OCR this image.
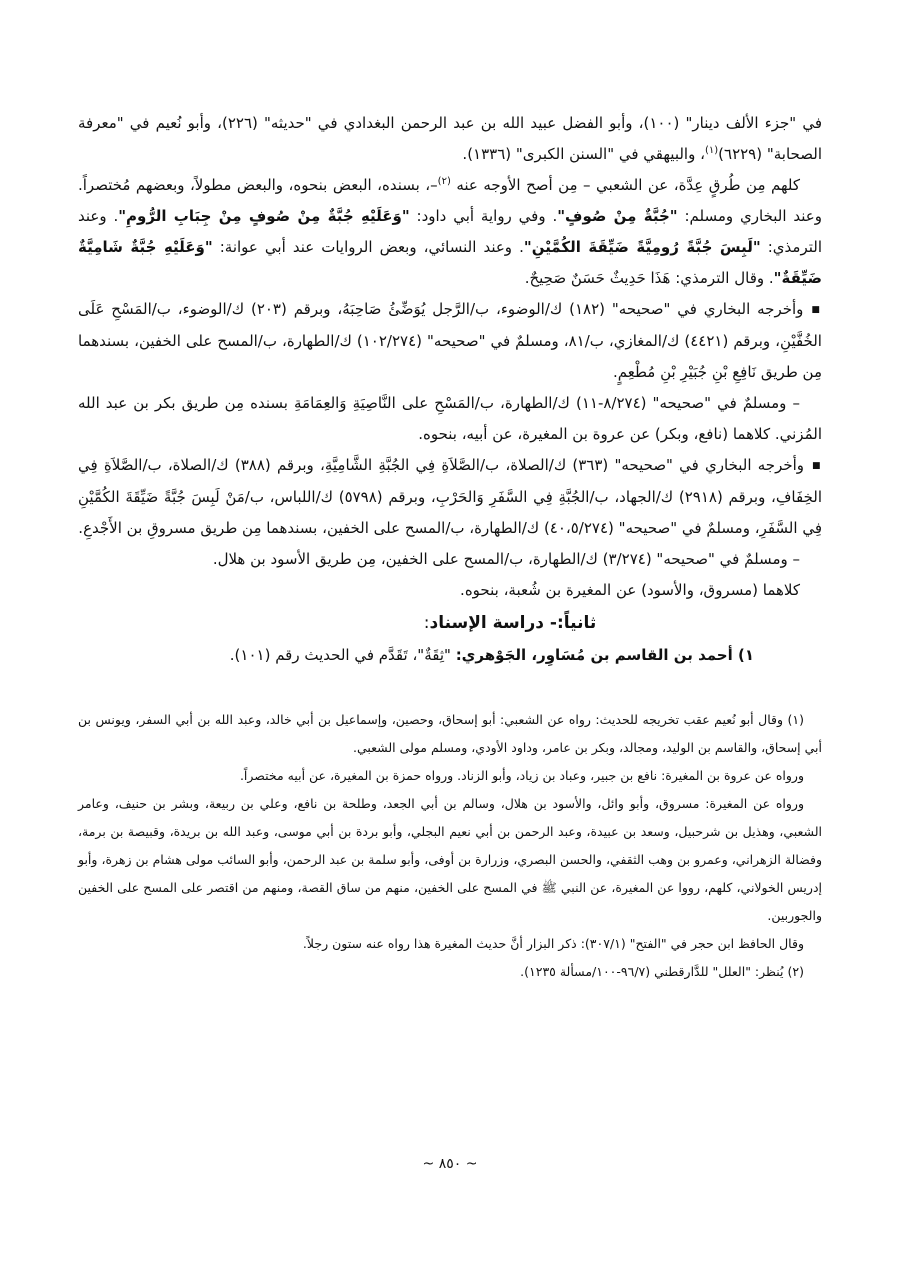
في "جزء الألف دينار" (١٠٠)، وأبو الفضل عبيد الله بن عبد الرحمن البغدادي في "حديثه" (٢٢٦)، وأبو نُعيم في "معرفة الصحابة" (٦٢٢٩)$^{(١)}$، والبيهقي في "السنن الكبرى" (١٣٣٦).

كلهم مِن طُرقٍ عِدَّة، عن الشعبي – مِن أصح الأوجه عنه $^{(٢)}$–، بسنده، البعض بنحوه، والبعض مطولاً، وبعضهم مُختصراً. وعند البخاري ومسلم: "جُبَّةٌ مِنْ صُوفٍ". وفي رواية أبي داود: "وَعَلَيْهِ جُبَّةٌ مِنْ صُوفٍ مِنْ جِبَابِ الرُّومِ". وعند الترمذي: "لَبِسَ جُبَّةً رُومِيَّةً ضَيِّقَةَ الكُمَّيْنِ". وعند النسائي، وبعض الروايات عند أبي عوانة: "وَعَلَيْهِ جُبَّةٌ شَامِيَّةٌ ضَيِّقَةٌ". وقال الترمذي: هَذَا حَدِيثٌ حَسَنٌ صَحِيحٌ.

■ وأخرجه البخاري في "صحيحه" (١٨٢) ك/الوضوء، ب/الرَّجل يُوَضِّئُ صَاحِبَهُ، وبرقم (٢٠٣) ك/الوضوء، ب/المَسْحِ عَلَى الخُفَّيْنِ، وبرقم (٤٤٢١) ك/المغازي، ب/٨١، ومسلمٌ في "صحيحه" (١٠٢/٢٧٤) ك/الطهارة، ب/المسح على الخفين، بسندهما مِن طريق نَافِعِ بْنِ جُبَيْرِ بْنِ مُطْعِمٍ.

– ومسلمٌ في "صحيحه" (٨/٢٧٤-١١) ك/الطهارة، ب/المَسْحِ على النَّاصِيَةِ وَالعِمَامَةِ بسنده مِن طريق بكر بن عبد الله المُزني. كلاهما (نافع، وبكر) عن عروة بن المغيرة، عن أبيه، بنحوه.

■ وأخرجه البخاري في "صحيحه" (٣٦٣) ك/الصلاة، ب/الصَّلاَةِ فِي الجُبَّةِ الشَّامِيَّةِ، وبرقم (٣٨٨) ك/الصلاة، ب/الصَّلاَةِ فِي الخِفَافِ، وبرقم (٢٩١٨) ك/الجهاد، ب/الجُبَّةِ فِي السَّفَرِ وَالحَرْبِ، وبرقم (٥٧٩٨) ك/اللباس، ب/مَنْ لَبِسَ جُبَّةً ضَيِّقَةَ الكُمَّيْنِ فِي السَّفَرِ، ومسلمٌ في "صحيحه" (٤٠،٥/٢٧٤) ك/الطهارة، ب/المسح على الخفين، بسندهما مِن طريق مسروقِ بن الأَجْدعِ.

– ومسلمٌ في "صحيحه" (٣/٢٧٤) ك/الطهارة، ب/المسح على الخفين، مِن طريق الأسود بن هلال.

كلاهما (مسروق، والأسود) عن المغيرة بن شُعبة، بنحوه.

ثانياً:- دراسة الإسناد:

١) أحمد بن القاسم بن مُسَاوِر، الجَوْهري: "ثِقَةٌ"، تَقَدَّم في الحديث رقم (١٠١).

(١) وقال أبو نُعيم عقب تخريجه للحديث: رواه عن الشعبي: أبو إسحاق، وحصين، وإسماعيل بن أبي خالد، وعبد الله بن أبي السفر، ويونس بن أبي إسحاق، والقاسم بن الوليد، ومجالد، وبكر بن عامر، وداود الأودي، ومسلم مولى الشعبي.

ورواه عن عروة بن المغيرة: نافع بن جبير، وعباد بن زياد، وأبو الزناد. ورواه حمزة بن المغيرة، عن أبيه مختصراً.

ورواه عن المغيرة: مسروق، وأبو وائل، والأسود بن هلال، وسالم بن أبي الجعد، وطلحة بن نافع، وعلي بن ربيعة، وبشر بن حنيف، وعامر الشعبي، وهذيل بن شرحبيل، وسعد بن عبيدة، وعبد الرحمن بن أبي نعيم البجلي، وأبو بردة بن أبي موسى، وعبد الله بن بريدة، وقبيصة بن برمة، وفضالة الزهراني، وعمرو بن وهب الثقفي، والحسن البصري، وزرارة بن أوفى، وأبو سلمة بن عبد الرحمن، وأبو السائب مولى هشام بن زهرة، وأبو إدريس الخولاني، كلهم، رووا عن المغيرة، عن النبي ﷺ في المسح على الخفين، منهم من ساق القصة، ومنهم من اقتصر على المسح على الخفين والجوربين.

وقال الحافظ ابن حجر في "الفتح" (٣٠٧/١): ذكر البزار أنَّ حديث المغيرة هذا رواه عنه ستون رجلاً.

(٢) يُنظر: "العلل" للدَّارقطني (٩٦/٧-١٠٠/مسألة ١٢٣٥).

~ ٨٥٠ ~
